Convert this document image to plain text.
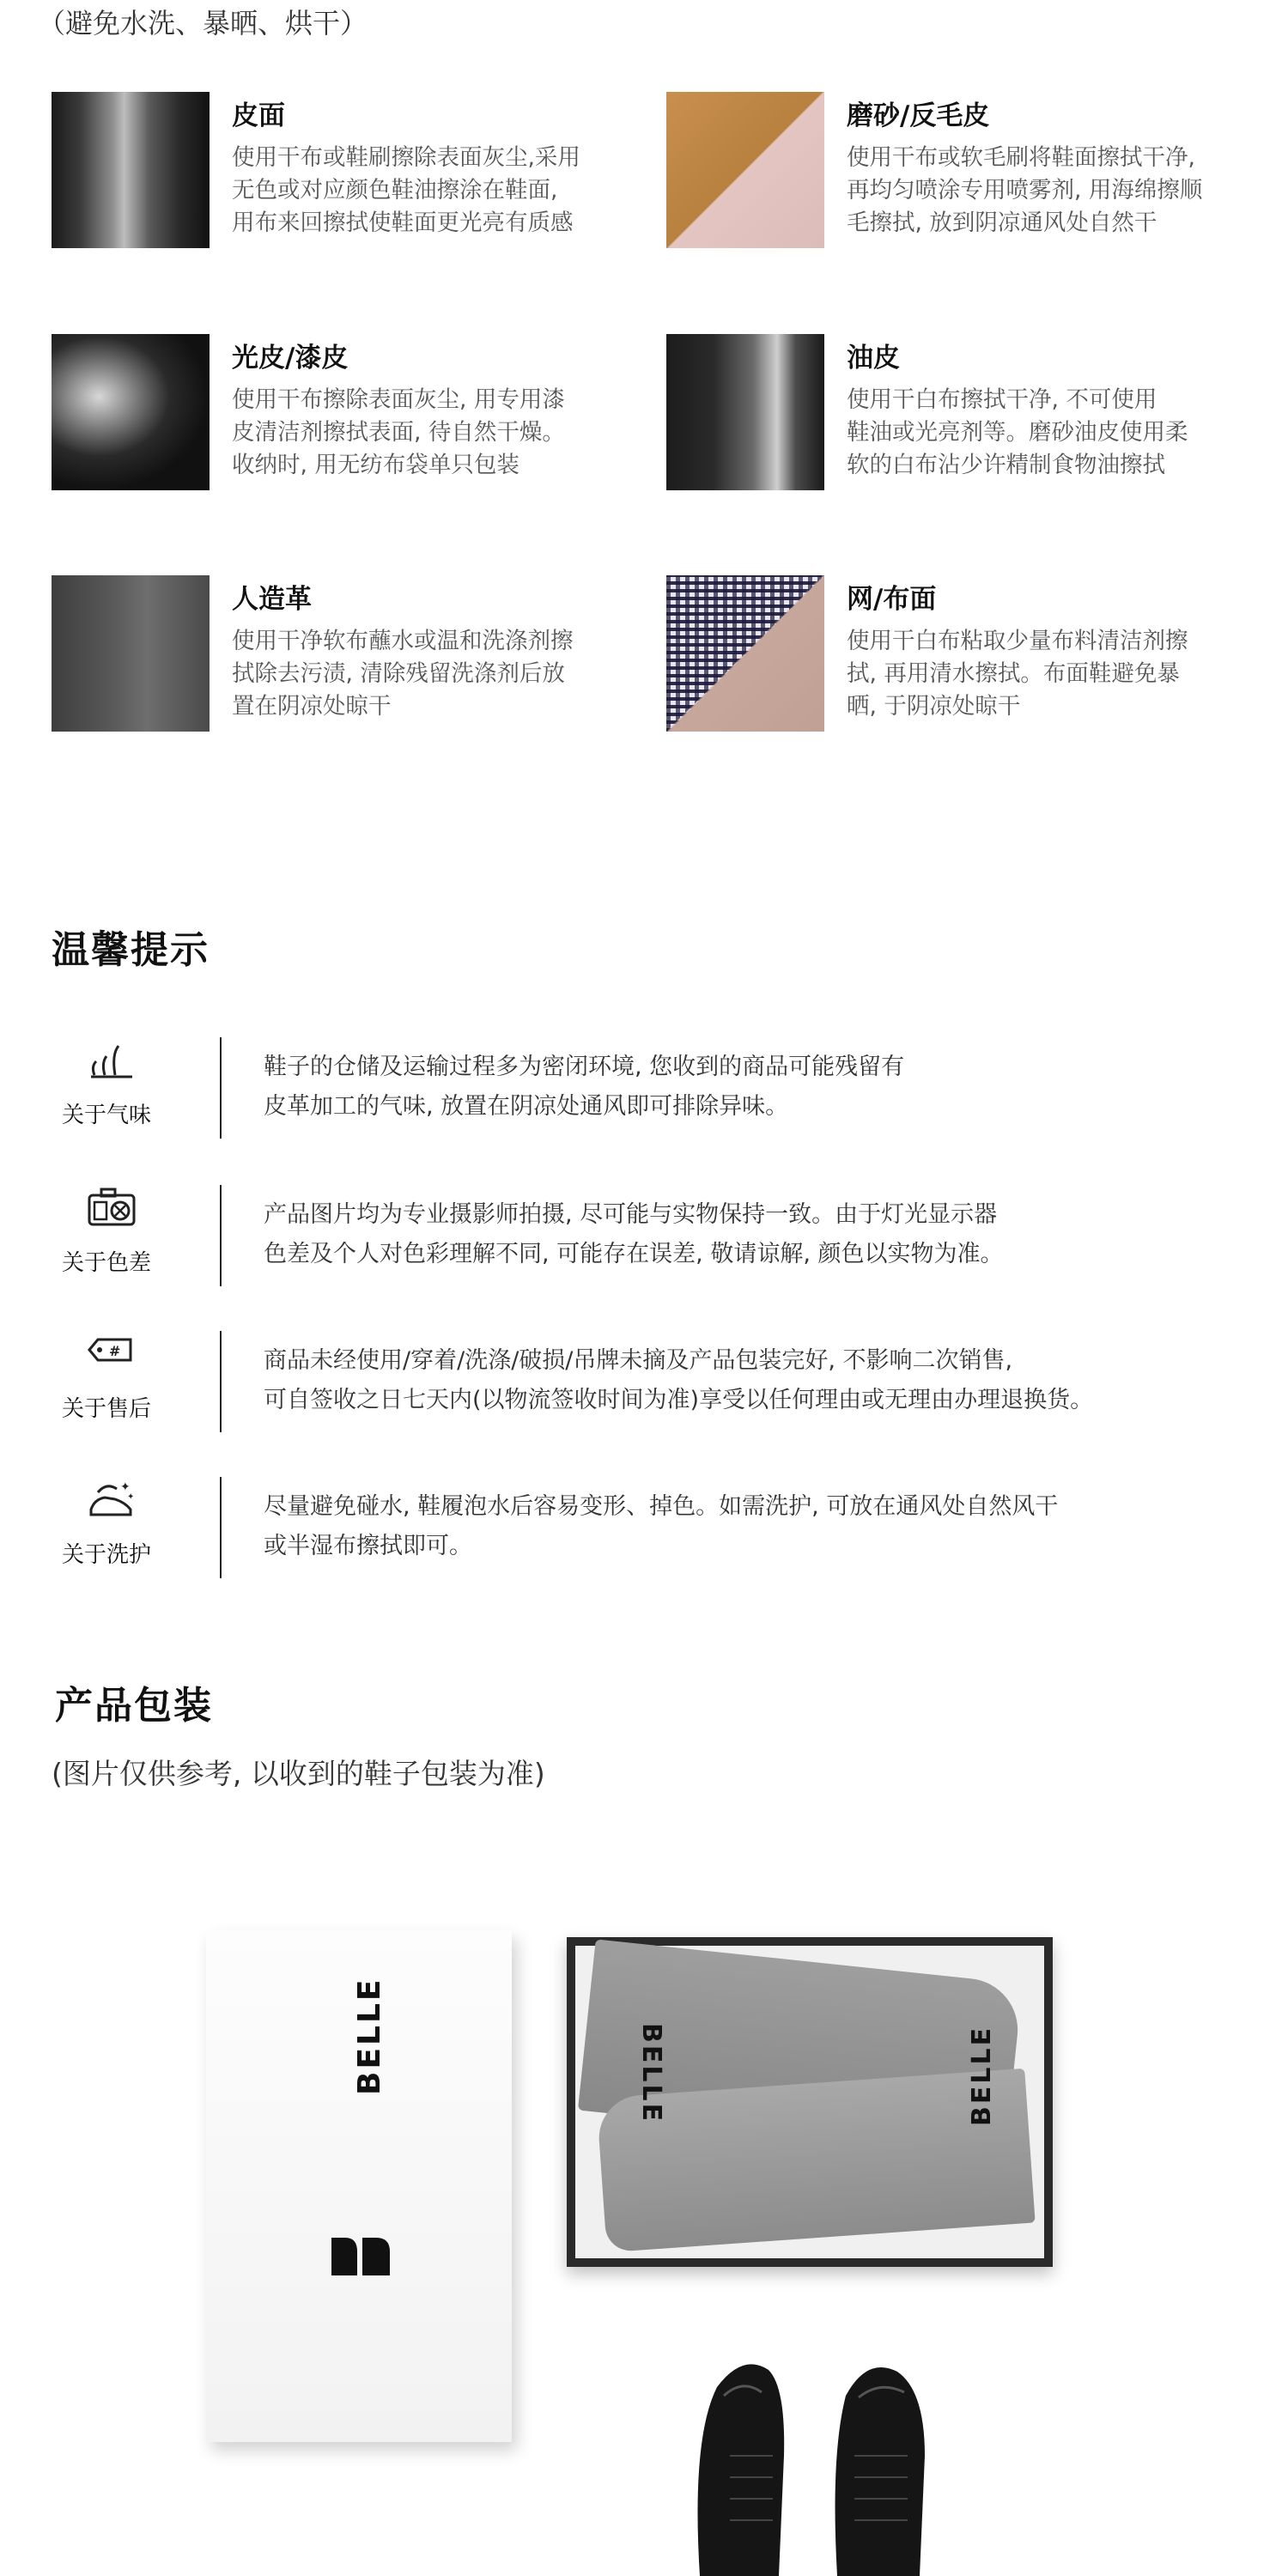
（避免水洗、暴晒、烘干）
皮面
使用干布或鞋刷擦除表面灰尘,采用
无色或对应颜色鞋油擦涂在鞋面,
用布来回擦拭使鞋面更光亮有质感
磨砂/反毛皮
使用干布或软毛刷将鞋面擦拭干净,
再均匀喷涂专用喷雾剂, 用海绵擦顺
毛擦拭, 放到阴凉通风处自然干
光皮/漆皮
使用干布擦除表面灰尘, 用专用漆
皮清洁剂擦拭表面, 待自然干燥。
收纳时, 用无纺布袋单只包装
油皮
使用干白布擦拭干净, 不可使用
鞋油或光亮剂等。磨砂油皮使用柔
软的白布沾少许精制食物油擦拭
人造革
使用干净软布蘸水或温和洗涤剂擦
拭除去污渍, 清除残留洗涤剂后放
置在阴凉处晾干
网/布面
使用干白布粘取少量布料清洁剂擦
拭, 再用清水擦拭。布面鞋避免暴
晒, 于阴凉处晾干
温馨提示
关于气味
鞋子的仓储及运输过程多为密闭环境, 您收到的商品可能残留有
皮革加工的气味, 放置在阴凉处通风即可排除异味。
关于色差
产品图片均为专业摄影师拍摄, 尽可能与实物保持一致。由于灯光显示器
色差及个人对色彩理解不同, 可能存在误差, 敬请谅解, 颜色以实物为准。
#
关于售后
商品未经使用/穿着/洗涤/破损/吊牌未摘及产品包装完好, 不影响二次销售,
可自签收之日七天内(以物流签收时间为准)享受以任何理由或无理由办理退换货。
✦
✦
关于洗护
尽量避免碰水, 鞋履泡水后容易变形、掉色。如需洗护, 可放在通风处自然风干
或半湿布擦拭即可。
产品包装
(图片仅供参考, 以收到的鞋子包装为准)
BELLE	BELLE	BELLE
